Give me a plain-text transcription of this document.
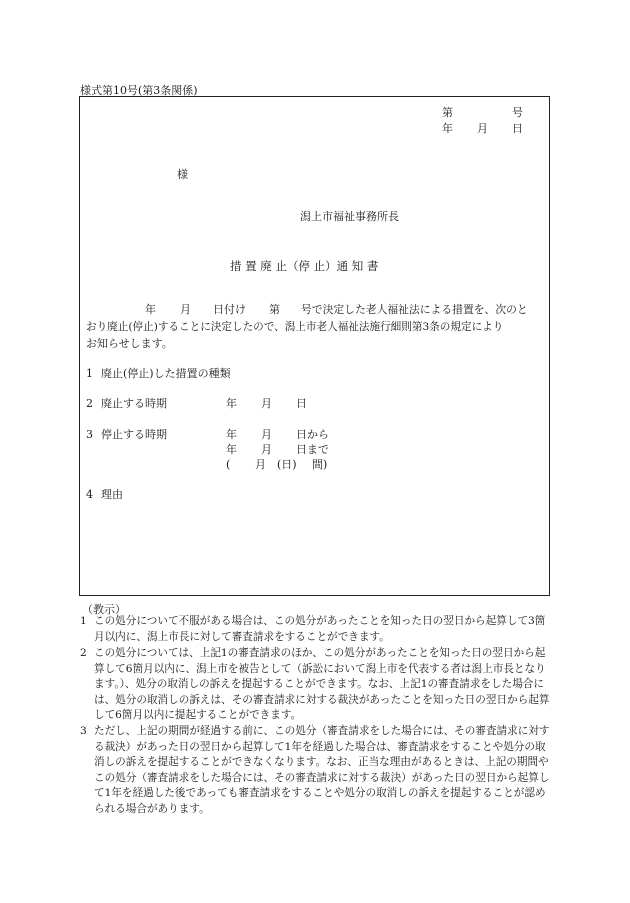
様式第10号(第3条関係)
第	号
年 月 日
様
潟上市福祉事務所長
措 置 廃 止（停 止）通 知 書
年 月 日付け 第 号で決定した老人福祉法による措置を、次のと
おり廃止(停止)することに決定したので、潟上市老人福祉法施行細則第3条の規定により
お知らせします。
1 廃止(停止)した措置の種類
2 廃止する時期	年 月 日
3 停止する時期	年 月 日から
年 月 日まで
( 月 (日) 間)
4 理由
（教示）
1 この処分について不服がある場合は、この処分があったことを知った日の翌日から起算して3箇月以内に、潟上市長に対して審査請求をすることができます。
2 この処分については、上記1の審査請求のほか、この処分があったことを知った日の翌日から起算して6箇月以内に、潟上市を被告として（訴訟において潟上市を代表する者は潟上市長となります。）、処分の取消しの訴えを提起することができます。なお、上記1の審査請求をした場合には、処分の取消しの訴えは、その審査請求に対する裁決があったことを知った日の翌日から起算して6箇月以内に提起することができます。
3 ただし、上記の期間が経過する前に、この処分（審査請求をした場合には、その審査請求に対する裁決）があった日の翌日から起算して1年を経過した場合は、審査請求をすることや処分の取消しの訴えを提起することができなくなります。なお、正当な理由があるときは、上記の期間やこの処分（審査請求をした場合には、その審査請求に対する裁決）があった日の翌日から起算して1年を経過した後であっても審査請求をすることや処分の取消しの訴えを提起することが認められる場合があります。
